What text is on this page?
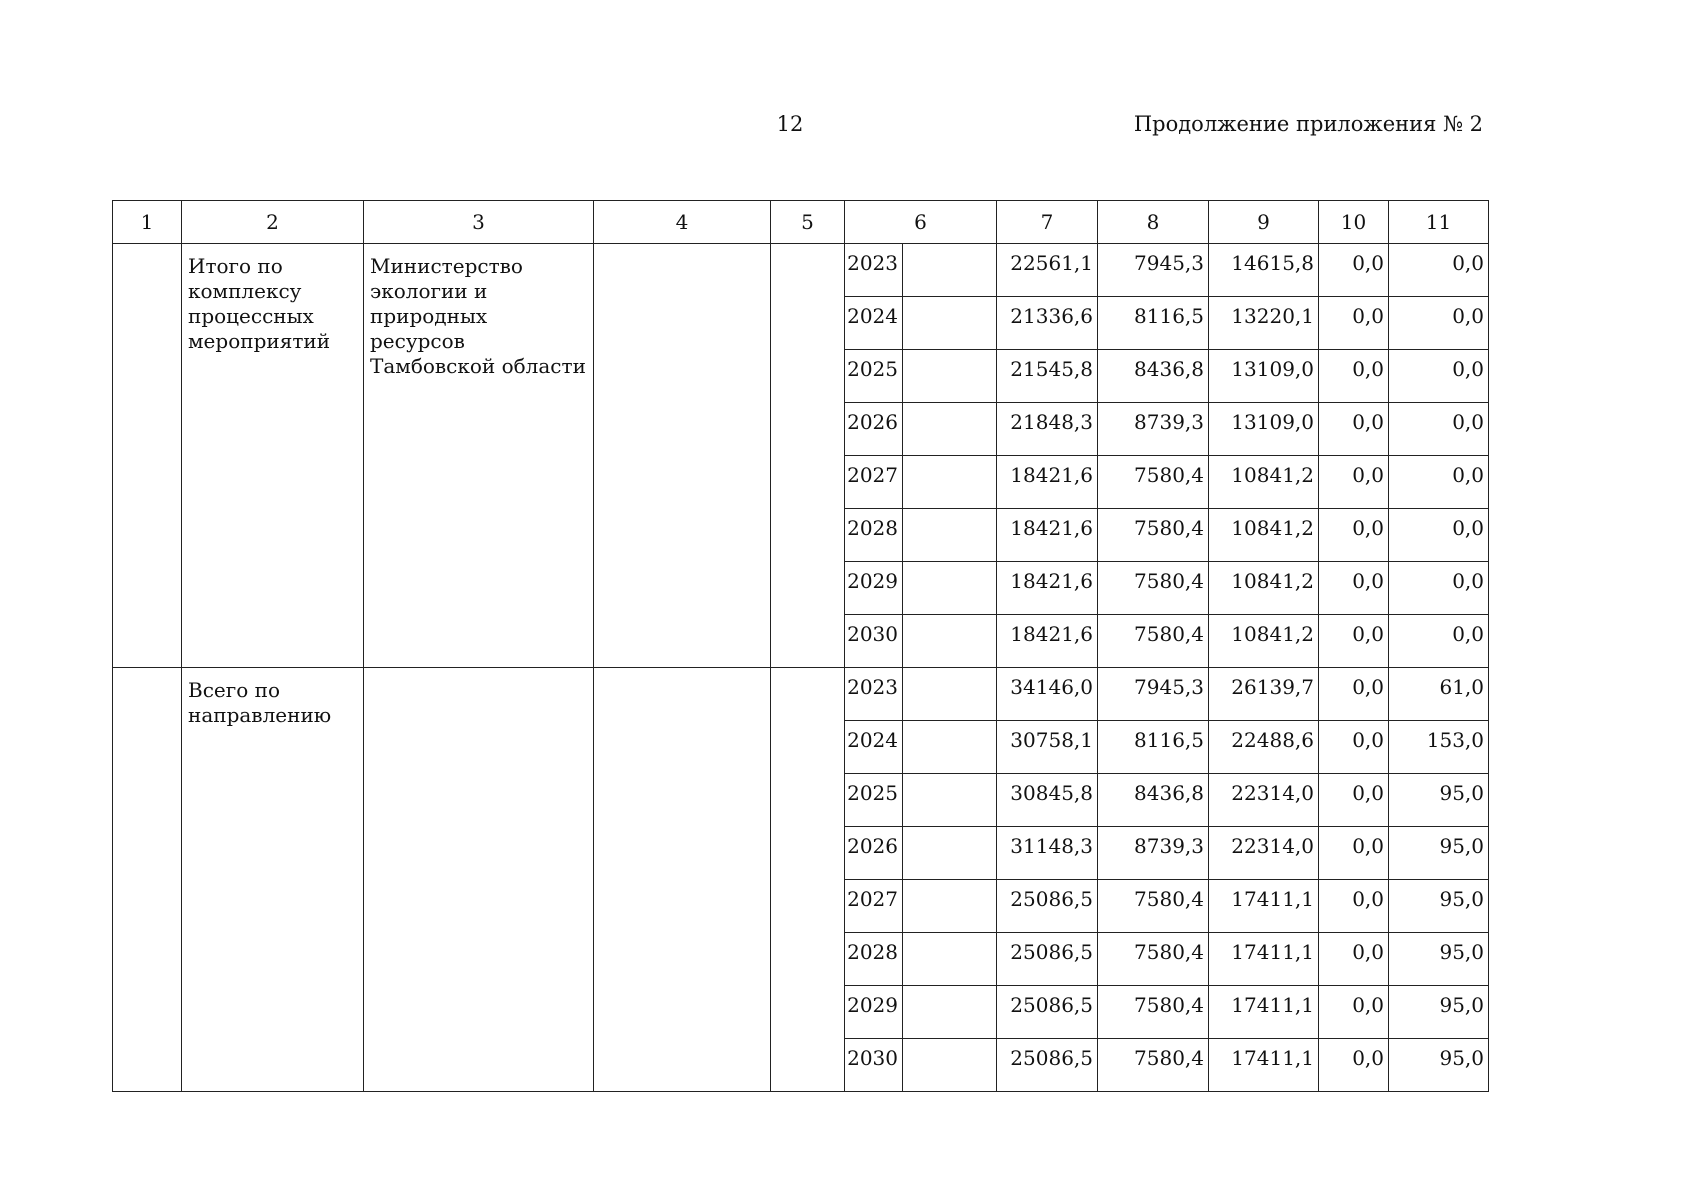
12	Продолжение приложения № 2
1	2	3	4	5	6		7	8	9	10	11
	Итого по комплексу процессных мероприятий	Министерство экологии и природных ресурсов Тамбовской области			2023		22561,1	7945,3	14615,8	0,0	0,0
					2024		21336,6	8116,5	13220,1	0,0	0,0
					2025		21545,8	8436,8	13109,0	0,0	0,0
					2026		21848,3	8739,3	13109,0	0,0	0,0
					2027		18421,6	7580,4	10841,2	0,0	0,0
					2028		18421,6	7580,4	10841,2	0,0	0,0
					2029		18421,6	7580,4	10841,2	0,0	0,0
					2030		18421,6	7580,4	10841,2	0,0	0,0
	Всего по направлению				2023		34146,0	7945,3	26139,7	0,0	61,0
					2024		30758,1	8116,5	22488,6	0,0	153,0
					2025		30845,8	8436,8	22314,0	0,0	95,0
					2026		31148,3	8739,3	22314,0	0,0	95,0
					2027		25086,5	7580,4	17411,1	0,0	95,0
					2028		25086,5	7580,4	17411,1	0,0	95,0
					2029		25086,5	7580,4	17411,1	0,0	95,0
					2030		25086,5	7580,4	17411,1	0,0	95,0
